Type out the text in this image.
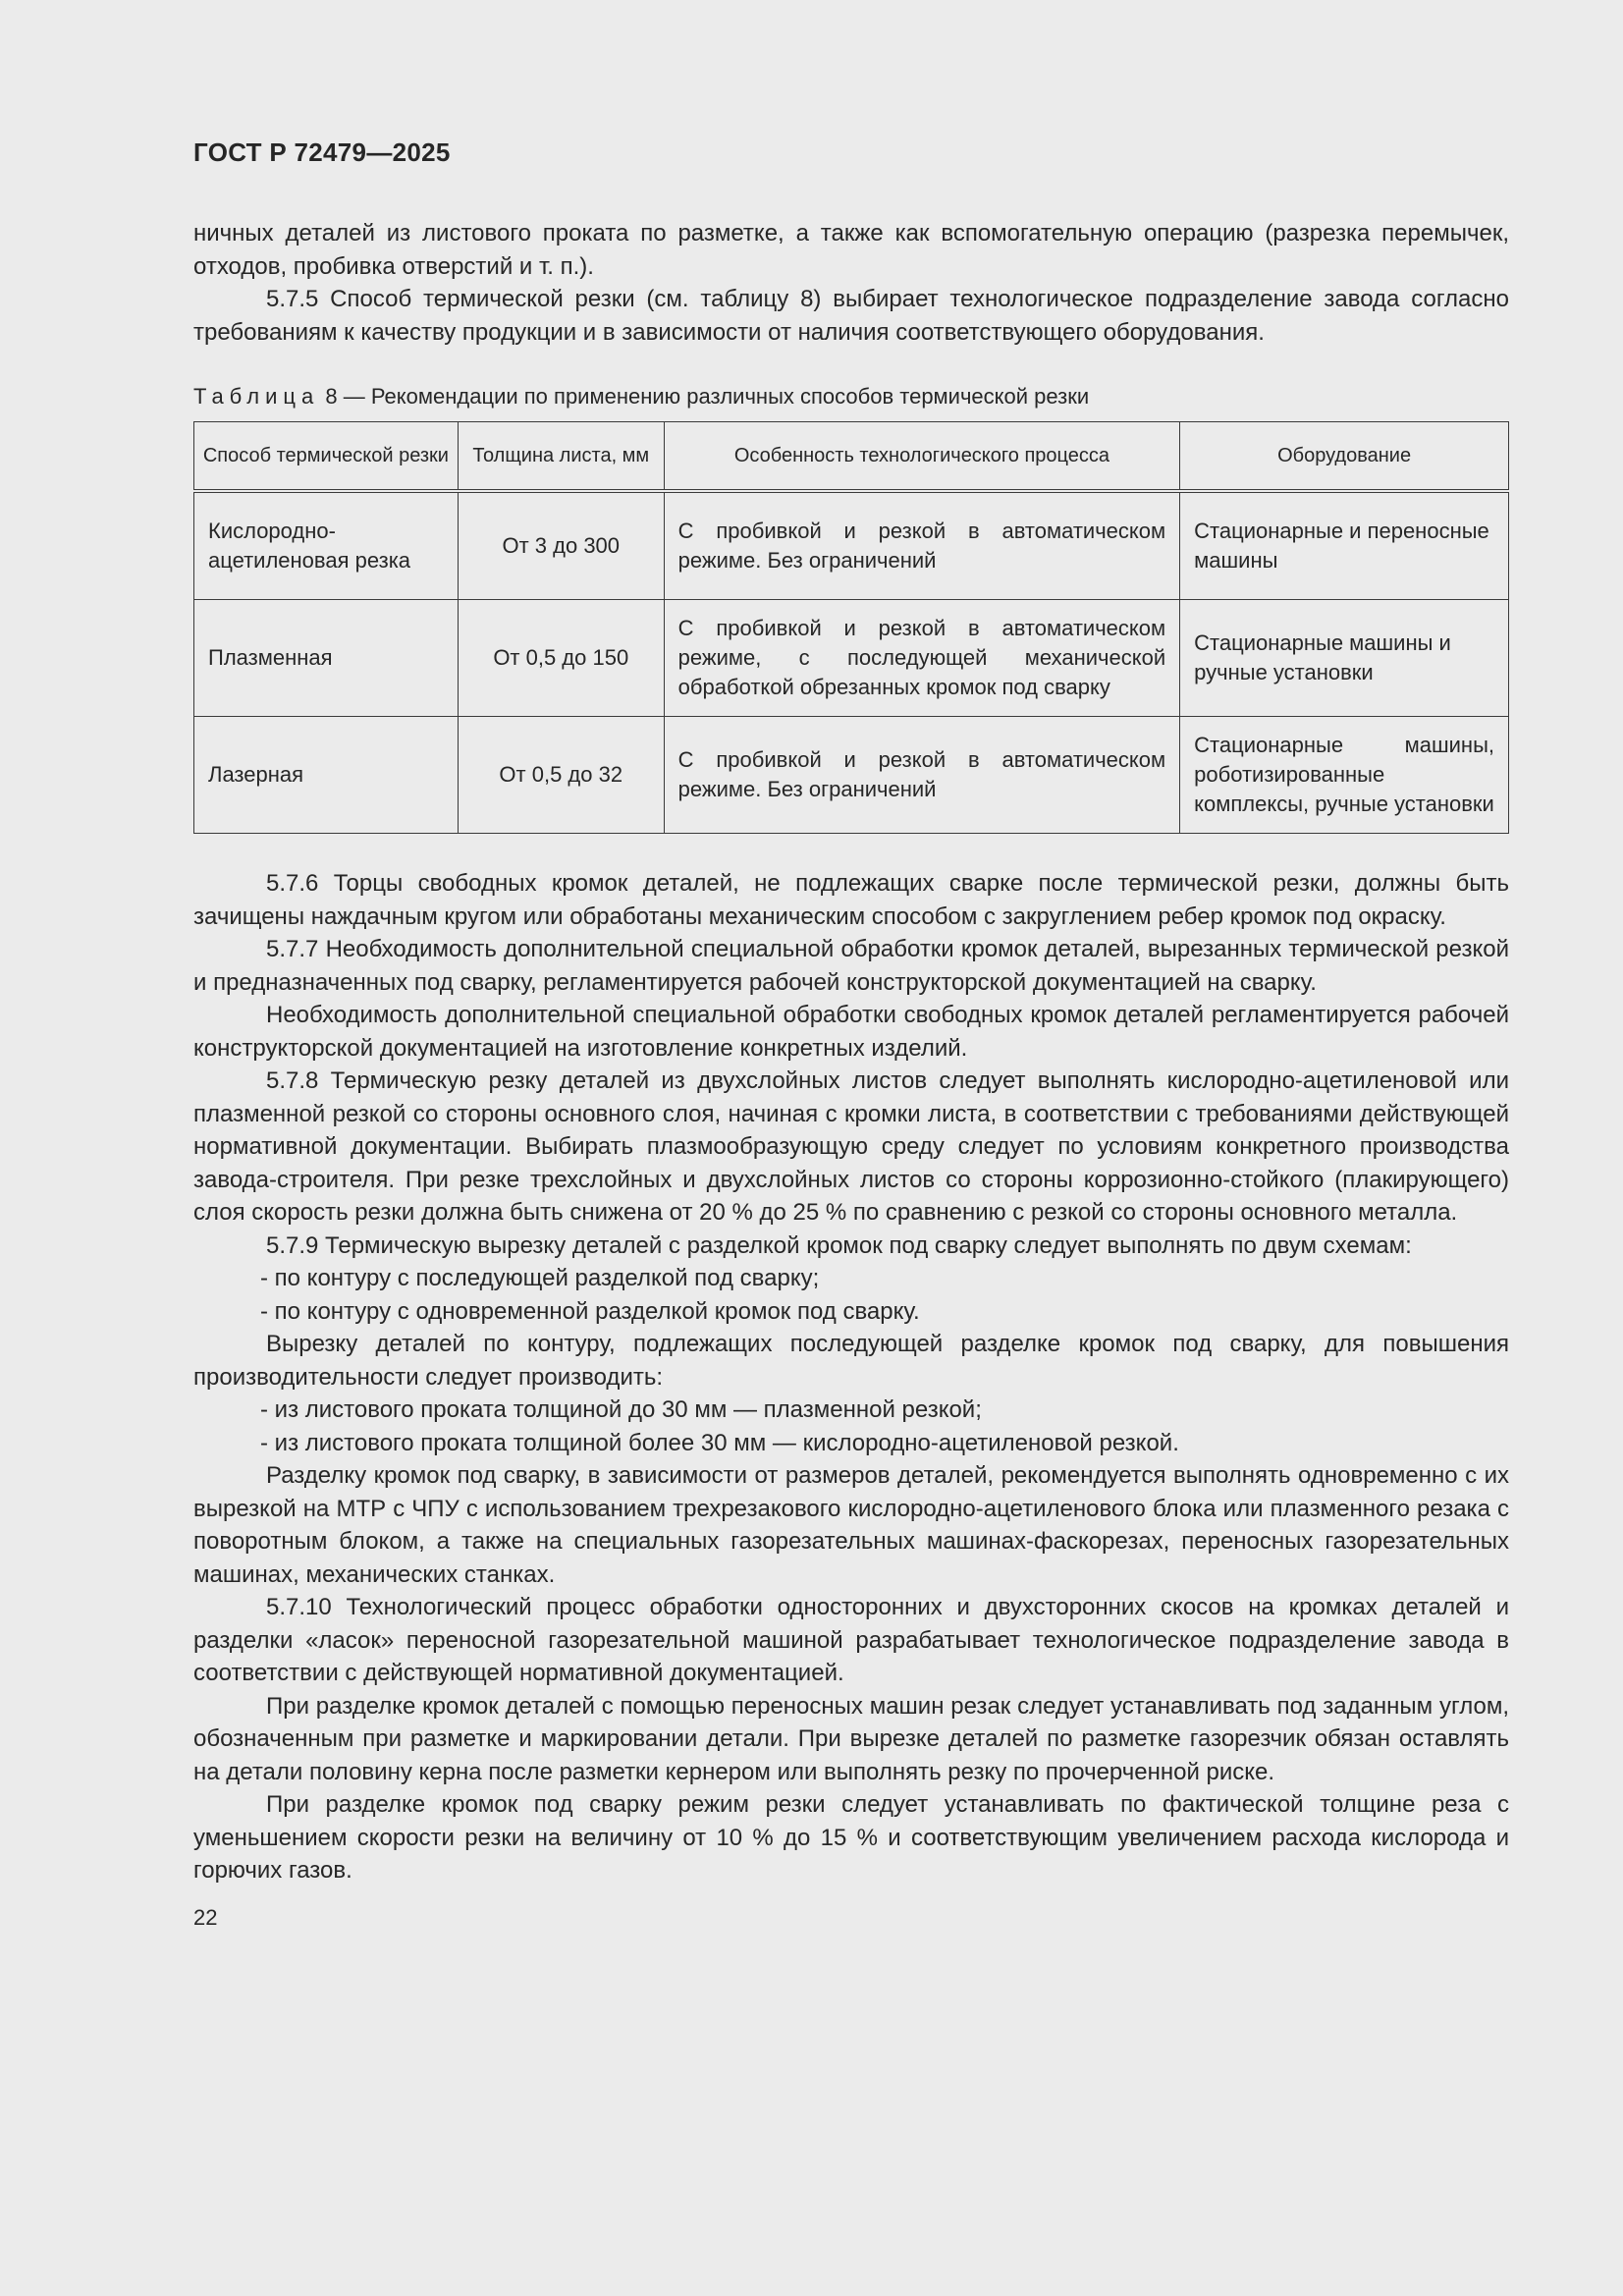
ГОСТ Р 72479—2025

ничных деталей из листового проката по разметке, а также как вспомогательную операцию (разрезка перемычек, отходов, пробивка отверстий и т. п.).

5.7.5 Способ термической резки (см. таблицу 8) выбирает технологическое подразделение завода согласно требованиям к качеству продукции и в зависимости от наличия соответствующего оборудования.

Таблица 8 — Рекомендации по применению различных способов термической резки
Способ термической резки	Толщина листа, мм	Особенность технологического процесса	Оборудование
Кислородно-ацетиленовая резка	От 3 до 300	С пробивкой и резкой в автоматическом режиме. Без ограничений	Стационарные и переносные машины
Плазменная	От 0,5 до 150	С пробивкой и резкой в автоматическом режиме, с последующей механической обработкой обрезанных кромок под сварку	Стационарные машины и ручные установки
Лазерная	От 0,5 до 32	С пробивкой и резкой в автоматическом режиме. Без ограничений	Стационарные машины, роботизированные комплексы, ручные установки

5.7.6 Торцы свободных кромок деталей, не подлежащих сварке после термической резки, должны быть зачищены наждачным кругом или обработаны механическим способом с закруглением ребер кромок под окраску.

5.7.7 Необходимость дополнительной специальной обработки кромок деталей, вырезанных термической резкой и предназначенных под сварку, регламентируется рабочей конструкторской документацией на сварку.

Необходимость дополнительной специальной обработки свободных кромок деталей регламентируется рабочей конструкторской документацией на изготовление конкретных изделий.

5.7.8 Термическую резку деталей из двухслойных листов следует выполнять кислородно-ацетиленовой или плазменной резкой со стороны основного слоя, начиная с кромки листа, в соответствии с требованиями действующей нормативной документации. Выбирать плазмообразующую среду следует по условиям конкретного производства завода-строителя. При резке трехслойных и двухслойных листов со стороны коррозионно-стойкого (плакирующего) слоя скорость резки должна быть снижена от 20 % до 25 % по сравнению с резкой со стороны основного металла.

5.7.9 Термическую вырезку деталей с разделкой кромок под сварку следует выполнять по двум схемам:

- по контуру с последующей разделкой под сварку;

- по контуру с одновременной разделкой кромок под сварку.

Вырезку деталей по контуру, подлежащих последующей разделке кромок под сварку, для повышения производительности следует производить:

- из листового проката толщиной до 30 мм — плазменной резкой;

- из листового проката толщиной более 30 мм — кислородно-ацетиленовой резкой.

Разделку кромок под сварку, в зависимости от размеров деталей, рекомендуется выполнять одновременно с их вырезкой на МТР с ЧПУ с использованием трехрезакового кислородно-ацетиленового блока или плазменного резака с поворотным блоком, а также на специальных газорезательных машинах-фаскорезах, переносных газорезательных машинах, механических станках.

5.7.10 Технологический процесс обработки односторонних и двухсторонних скосов на кромках деталей и разделки «ласок» переносной газорезательной машиной разрабатывает технологическое подразделение завода в соответствии с действующей нормативной документацией.

При разделке кромок деталей с помощью переносных машин резак следует устанавливать под заданным углом, обозначенным при разметке и маркировании детали. При вырезке деталей по разметке газорезчик обязан оставлять на детали половину керна после разметки кернером или выполнять резку по прочерченной риске.

При разделке кромок под сварку режим резки следует устанавливать по фактической толщине реза с уменьшением скорости резки на величину от 10 % до 15 % и соответствующим увеличением расхода кислорода и горючих газов.

22
